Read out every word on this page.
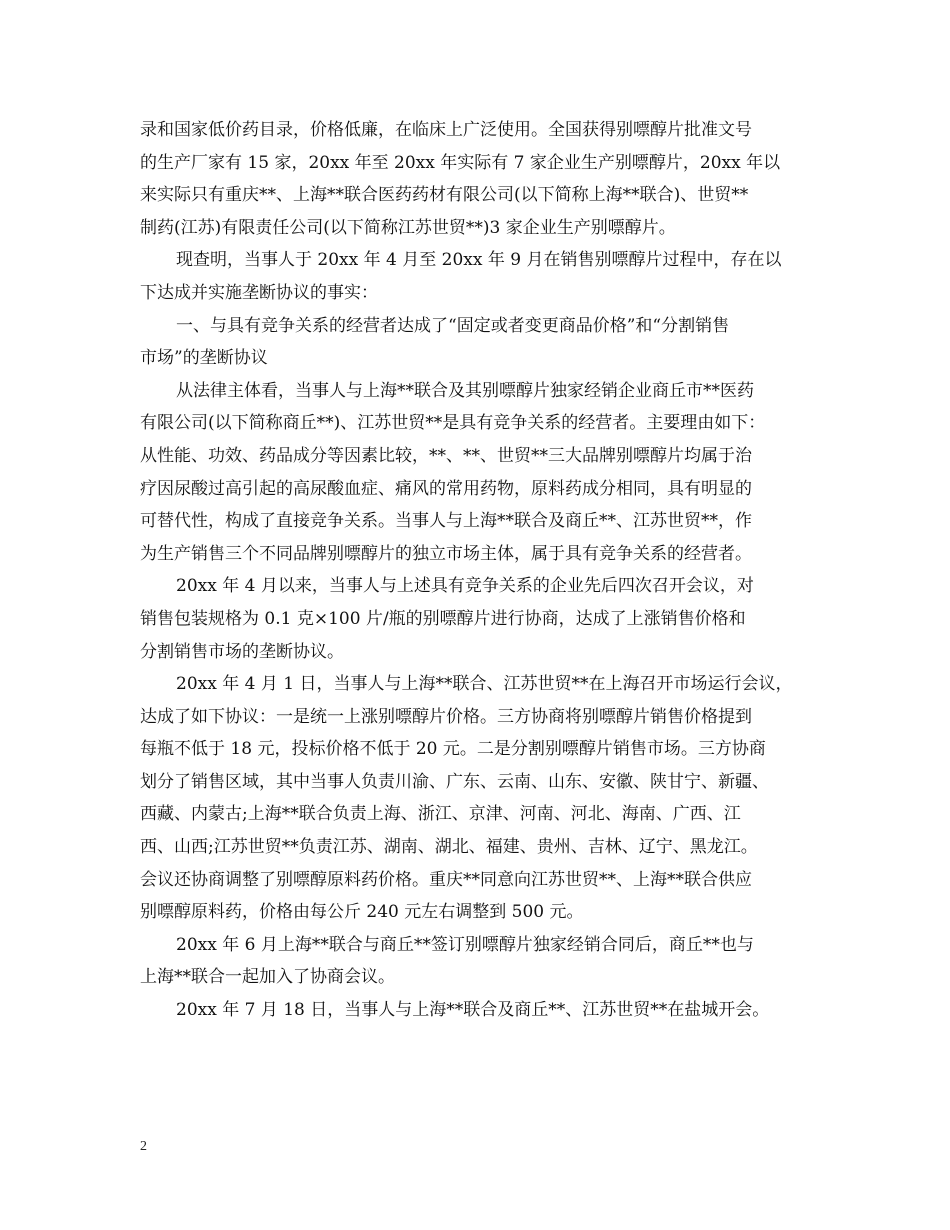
录和国家低价药目录，价格低廉，在临床上广泛使用。全国获得别嘌醇片批准文号
的生产厂家有 15 家，20xx 年至 20xx 年实际有 7 家企业生产别嘌醇片，20xx 年以
来实际只有重庆**、上海**联合医药药材有限公司(以下简称上海**联合)、世贸**
制药(江苏)有限责任公司(以下简称江苏世贸**)3 家企业生产别嘌醇片。
现查明，当事人于 20xx 年 4 月至 20xx 年 9 月在销售别嘌醇片过程中，存在以
下达成并实施垄断协议的事实：
一、与具有竞争关系的经营者达成了“固定或者变更商品价格”和“分割销售
市场”的垄断协议
从法律主体看，当事人与上海**联合及其别嘌醇片独家经销企业商丘市**医药
有限公司(以下简称商丘**)、江苏世贸**是具有竞争关系的经营者。主要理由如下：
从性能、功效、药品成分等因素比较，**、**、世贸**三大品牌别嘌醇片均属于治
疗因尿酸过高引起的高尿酸血症、痛风的常用药物，原料药成分相同，具有明显的
可替代性，构成了直接竞争关系。当事人与上海**联合及商丘**、江苏世贸**，作
为生产销售三个不同品牌别嘌醇片的独立市场主体，属于具有竞争关系的经营者。
20xx 年 4 月以来，当事人与上述具有竞争关系的企业先后四次召开会议，对
销售包装规格为 0.1 克×100 片/瓶的别嘌醇片进行协商，达成了上涨销售价格和
分割销售市场的垄断协议。
20xx 年 4 月 1 日，当事人与上海**联合、江苏世贸**在上海召开市场运行会议，
达成了如下协议：一是统一上涨别嘌醇片价格。三方协商将别嘌醇片销售价格提到
每瓶不低于 18 元，投标价格不低于 20 元。二是分割别嘌醇片销售市场。三方协商
划分了销售区域，其中当事人负责川渝、广东、云南、山东、安徽、陕甘宁、新疆、
西藏、内蒙古;上海**联合负责上海、浙江、京津、河南、河北、海南、广西、江
西、山西;江苏世贸**负责江苏、湖南、湖北、福建、贵州、吉林、辽宁、黑龙江。
会议还协商调整了别嘌醇原料药价格。重庆**同意向江苏世贸**、上海**联合供应
别嘌醇原料药，价格由每公斤 240 元左右调整到 500 元。
20xx 年 6 月上海**联合与商丘**签订别嘌醇片独家经销合同后，商丘**也与
上海**联合一起加入了协商会议。
20xx 年 7 月 18 日，当事人与上海**联合及商丘**、江苏世贸**在盐城开会。
2
